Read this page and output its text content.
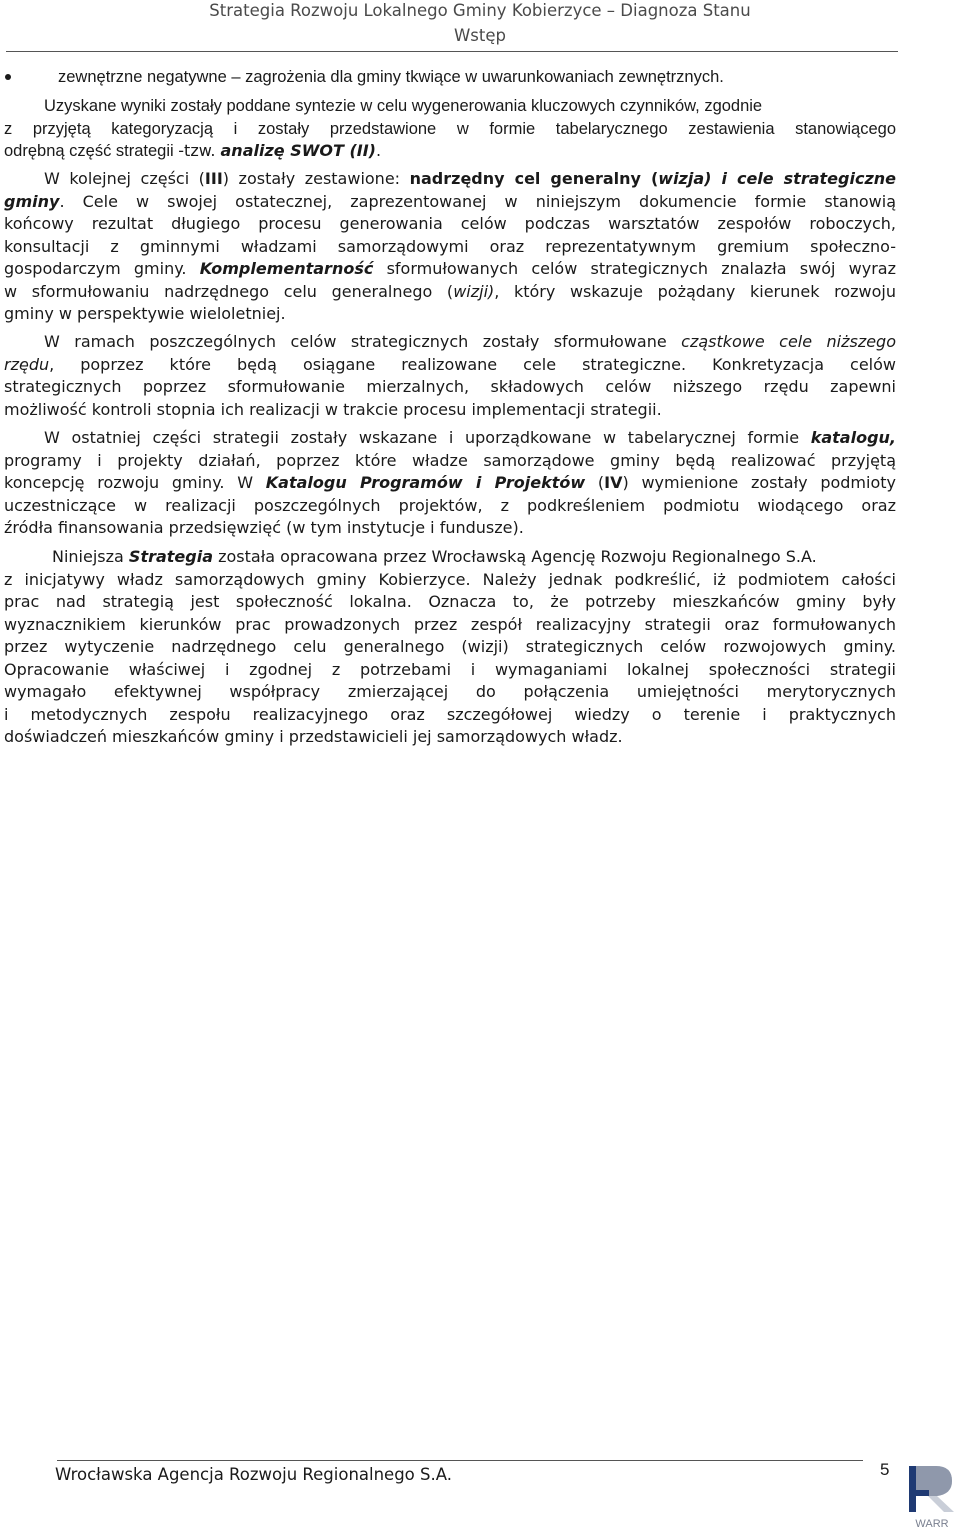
Strategia Rozwoju Lokalnego Gminy Kobierzyce – Diagnoza Stanu
Wstęp
zewnętrzne negatywne – zagrożenia dla gminy tkwiące w uwarunkowaniach zewnętrznych.
Uzyskane wyniki zostały poddane syntezie w celu wygenerowania kluczowych czynników, zgodnie
z przyjętą kategoryzacją i zostały przedstawione w formie tabelarycznego zestawienia stanowiącego
odrębną część strategii -tzw. analizę SWOT (II).
W kolejnej części (III) zostały zestawione: nadrzędny cel generalny (wizja) i cele strategiczne
gminy. Cele w swojej ostatecznej, zaprezentowanej w niniejszym dokumencie formie stanowią
końcowy rezultat długiego procesu generowania celów podczas warsztatów zespołów roboczych,
konsultacji z gminnymi władzami samorządowymi oraz reprezentatywnym gremium społeczno-
gospodarczym gminy. Komplementarność sformułowanych celów strategicznych znalazła swój wyraz
w sformułowaniu nadrzędnego celu generalnego (wizji), który wskazuje pożądany kierunek rozwoju
gminy w perspektywie wieloletniej.
W ramach poszczególnych celów strategicznych zostały sformułowane cząstkowe cele niższego
rzędu, poprzez które będą osiągane realizowane cele strategiczne. Konkretyzacja celów
strategicznych poprzez sformułowanie mierzalnych, składowych celów niższego rzędu zapewni
możliwość kontroli stopnia ich realizacji w trakcie procesu implementacji strategii.
W ostatniej części strategii zostały wskazane i uporządkowane w tabelarycznej formie katalogu,
programy i projekty działań, poprzez które władze samorządowe gminy będą realizować przyjętą
koncepcję rozwoju gminy. W Katalogu Programów i Projektów (IV) wymienione zostały podmioty
uczestniczące w realizacji poszczególnych projektów, z podkreśleniem podmiotu wiodącego oraz
źródła finansowania przedsięwzięć (w tym instytucje i fundusze).
Niniejsza Strategia została opracowana przez Wrocławską Agencję Rozwoju Regionalnego S.A.
z inicjatywy władz samorządowych gminy Kobierzyce. Należy jednak podkreślić, iż podmiotem całości
prac nad strategią jest społeczność lokalna. Oznacza to, że potrzeby mieszkańców gminy były
wyznacznikiem kierunków prac prowadzonych przez zespół realizacyjny strategii oraz formułowanych
przez wytyczenie nadrzędnego celu generalnego (wizji) strategicznych celów rozwojowych gminy.
Opracowanie właściwej i zgodnej z potrzebami i wymaganiami lokalnej społeczności strategii
wymagało efektywnej współpracy zmierzającej do połączenia umiejętności merytorycznych
i metodycznych zespołu realizacyjnego oraz szczegółowej wiedzy o terenie i praktycznych
doświadczeń mieszkańców gminy i przedstawicieli jej samorządowych władz.
Wrocławska Agencja Rozwoju Regionalnego S.A.	5
WARR
